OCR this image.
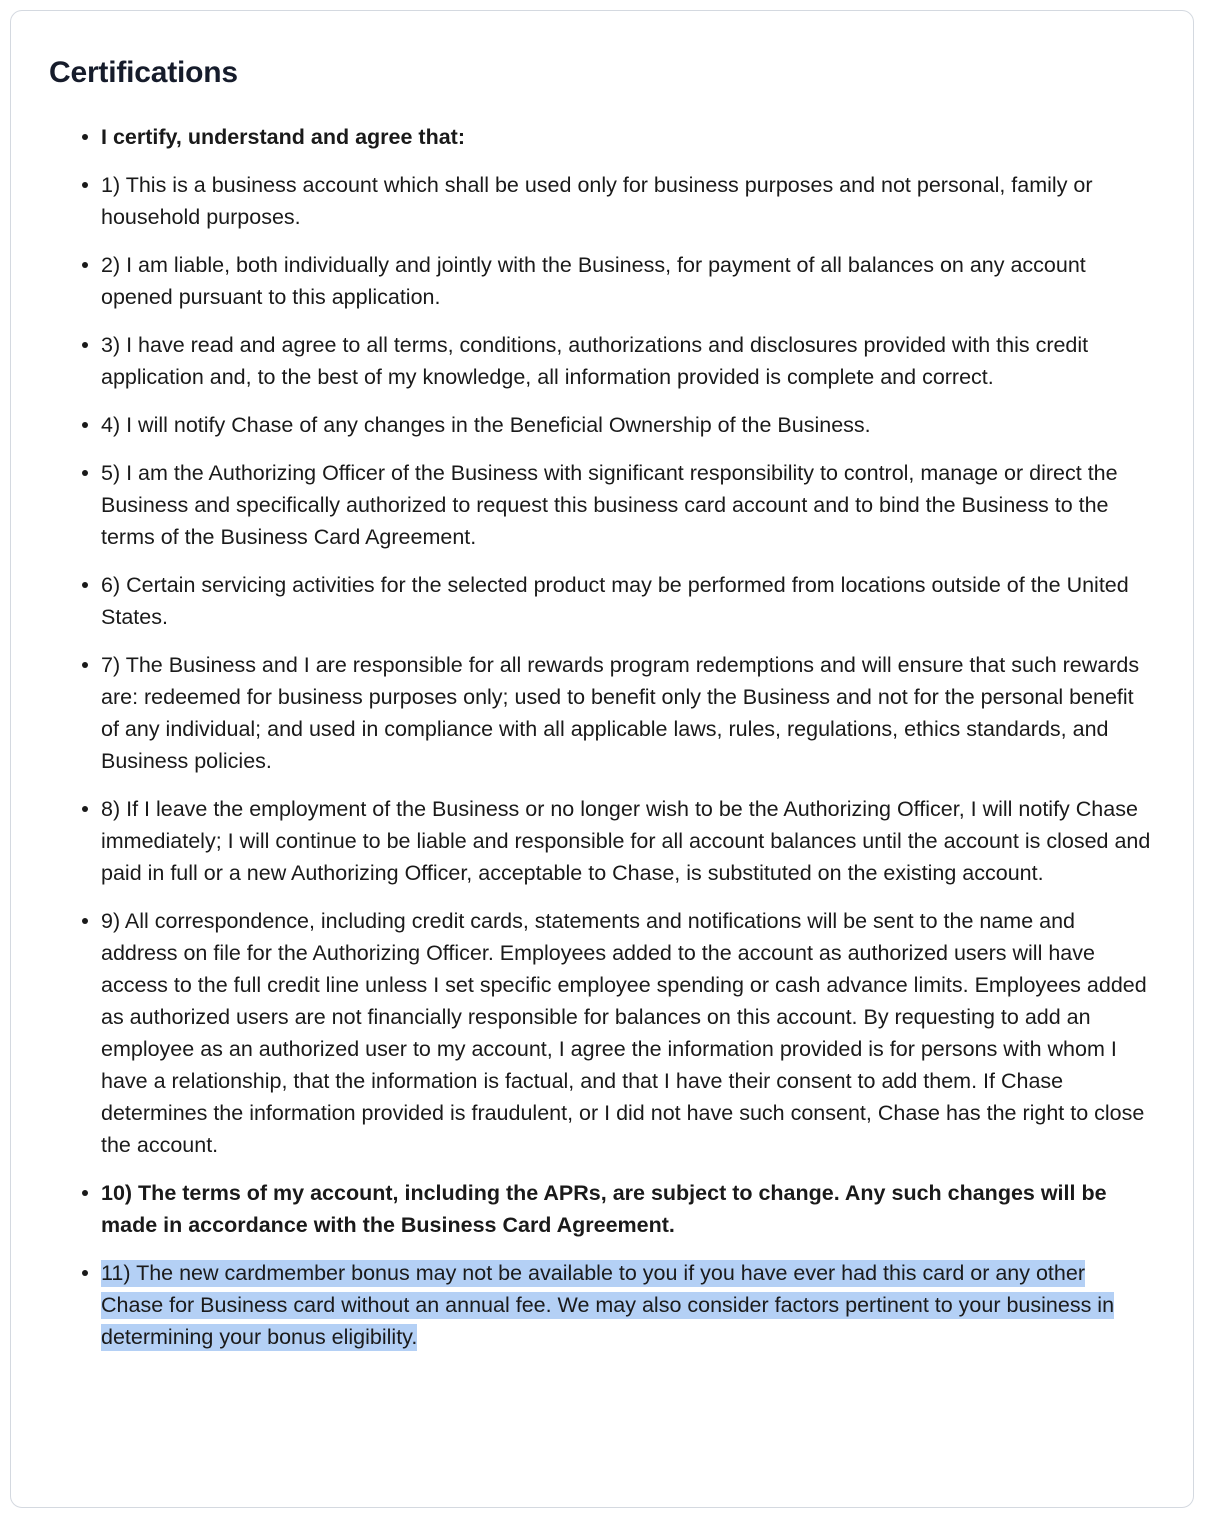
Certifications
I certify, understand and agree that:
1) This is a business account which shall be used only for business purposes and not personal, family or household purposes.
2) I am liable, both individually and jointly with the Business, for payment of all balances on any account opened pursuant to this application.
3) I have read and agree to all terms, conditions, authorizations and disclosures provided with this credit application and, to the best of my knowledge, all information provided is complete and correct.
4) I will notify Chase of any changes in the Beneficial Ownership of the Business.
5) I am the Authorizing Officer of the Business with significant responsibility to control, manage or direct the Business and specifically authorized to request this business card account and to bind the Business to the terms of the Business Card Agreement.
6) Certain servicing activities for the selected product may be performed from locations outside of the United States.
7) The Business and I are responsible for all rewards program redemptions and will ensure that such rewards are: redeemed for business purposes only; used to benefit only the Business and not for the personal benefit of any individual; and used in compliance with all applicable laws, rules, regulations, ethics standards, and Business policies.
8) If I leave the employment of the Business or no longer wish to be the Authorizing Officer, I will notify Chase immediately; I will continue to be liable and responsible for all account balances until the account is closed and paid in full or a new Authorizing Officer, acceptable to Chase, is substituted on the existing account.
9) All correspondence, including credit cards, statements and notifications will be sent to the name and address on file for the Authorizing Officer. Employees added to the account as authorized users will have access to the full credit line unless I set specific employee spending or cash advance limits. Employees added as authorized users are not financially responsible for balances on this account. By requesting to add an employee as an authorized user to my account, I agree the information provided is for persons with whom I have a relationship, that the information is factual, and that I have their consent to add them. If Chase determines the information provided is fraudulent, or I did not have such consent, Chase has the right to close the account.
10) The terms of my account, including the APRs, are subject to change. Any such changes will be made in accordance with the Business Card Agreement.
11) The new cardmember bonus may not be available to you if you have ever had this card or any other Chase for Business card without an annual fee. We may also consider factors pertinent to your business in determining your bonus eligibility.
